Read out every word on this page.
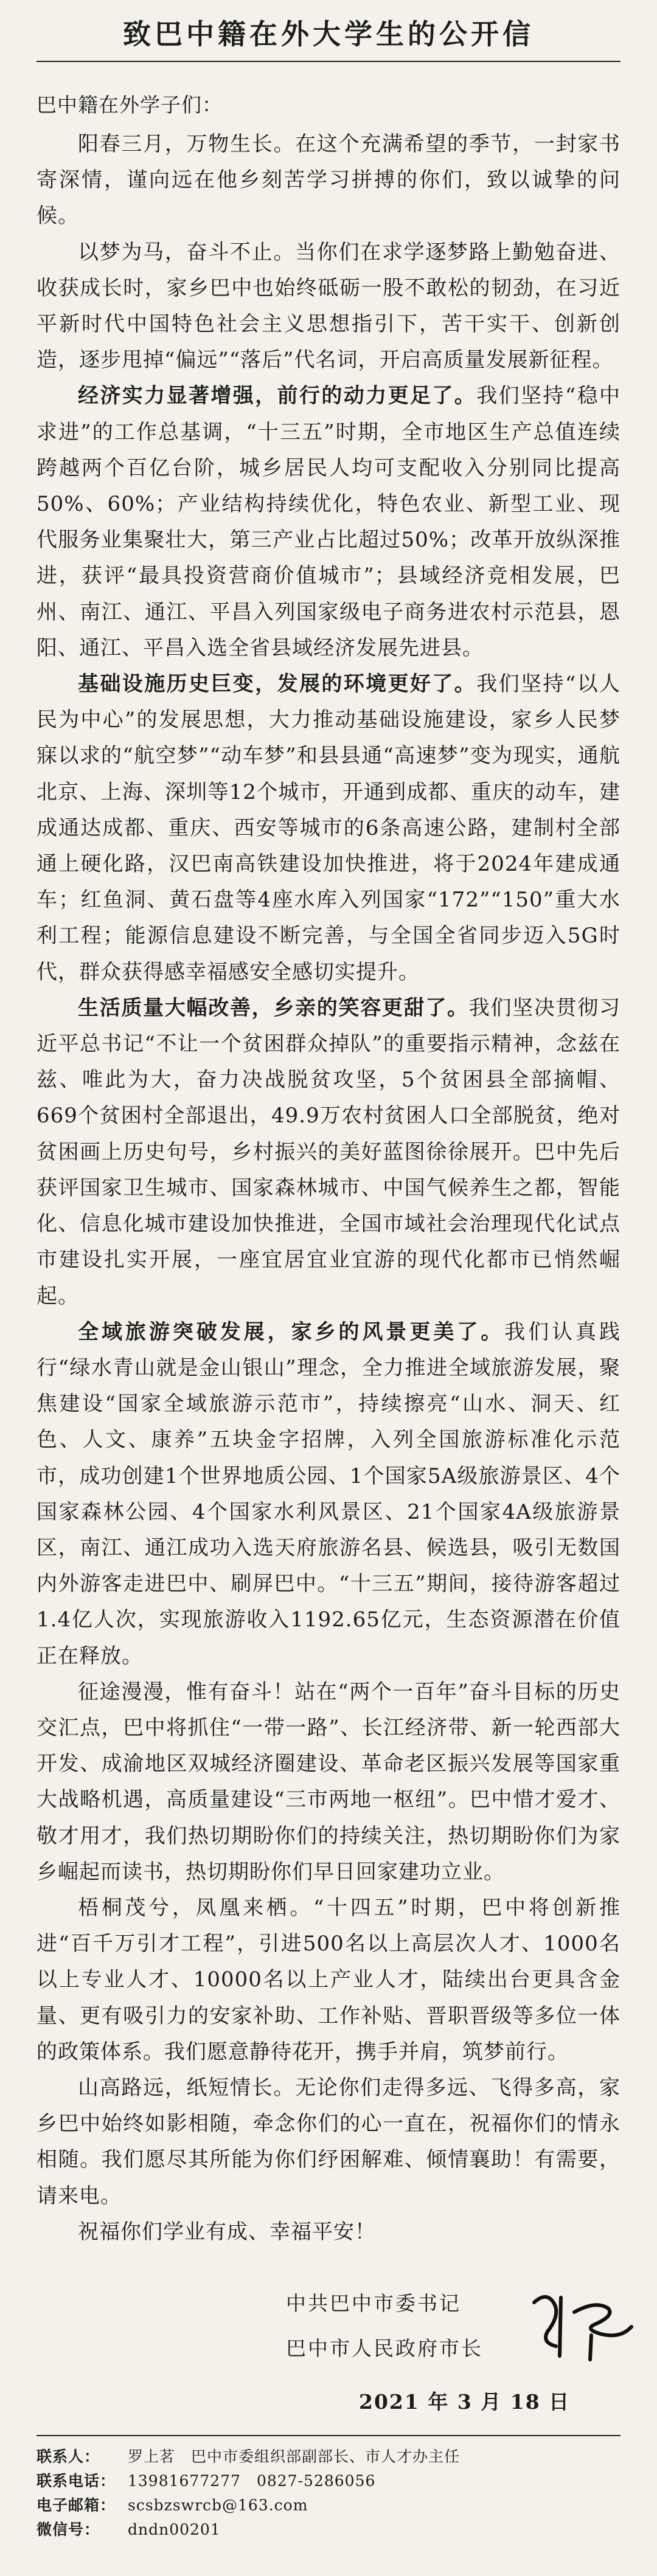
致巴中籍在外大学生的公开信
巴中籍在外学子们：

阳春三月，万物生长。在这个充满希望的季节，一封家书寄深情，谨向远在他乡刻苦学习拼搏的你们，致以诚挚的问候。

以梦为马，奋斗不止。当你们在求学逐梦路上勤勉奋进、收获成长时，家乡巴中也始终砥砺一股不敢松的韧劲，在习近平新时代中国特色社会主义思想指引下，苦干实干、创新创造，逐步甩掉“偏远”“落后”代名词，开启高质量发展新征程。

经济实力显著增强，前行的动力更足了。我们坚持“稳中求进”的工作总基调，“十三五”时期，全市地区生产总值连续跨越两个百亿台阶，城乡居民人均可支配收入分别同比提高50%、60%；产业结构持续优化，特色农业、新型工业、现代服务业集聚壮大，第三产业占比超过50%；改革开放纵深推进，获评“最具投资营商价值城市”；县域经济竞相发展，巴州、南江、通江、平昌入列国家级电子商务进农村示范县，恩阳、通江、平昌入选全省县域经济发展先进县。

基础设施历史巨变，发展的环境更好了。我们坚持“以人民为中心”的发展思想，大力推动基础设施建设，家乡人民梦寐以求的“航空梦”“动车梦”和县县通“高速梦”变为现实，通航北京、上海、深圳等12个城市，开通到成都、重庆的动车，建成通达成都、重庆、西安等城市的6条高速公路，建制村全部通上硬化路，汉巴南高铁建设加快推进，将于2024年建成通车；红鱼洞、黄石盘等4座水库入列国家“172”“150”重大水利工程；能源信息建设不断完善，与全国全省同步迈入5G时代，群众获得感幸福感安全感切实提升。

生活质量大幅改善，乡亲的笑容更甜了。我们坚决贯彻习近平总书记“不让一个贫困群众掉队”的重要指示精神，念兹在兹、唯此为大，奋力决战脱贫攻坚，5个贫困县全部摘帽、669个贫困村全部退出，49.9万农村贫困人口全部脱贫，绝对贫困画上历史句号，乡村振兴的美好蓝图徐徐展开。巴中先后获评国家卫生城市、国家森林城市、中国气候养生之都，智能化、信息化城市建设加快推进，全国市域社会治理现代化试点市建设扎实开展，一座宜居宜业宜游的现代化都市已悄然崛起。

全域旅游突破发展，家乡的风景更美了。我们认真践行“绿水青山就是金山银山”理念，全力推进全域旅游发展，聚焦建设“国家全域旅游示范市”，持续擦亮“山水、洞天、红色、人文、康养”五块金字招牌，入列全国旅游标准化示范市，成功创建1个世界地质公园、1个国家5A级旅游景区、4个国家森林公园、4个国家水利风景区、21个国家4A级旅游景区，南江、通江成功入选天府旅游名县、候选县，吸引无数国内外游客走进巴中、刷屏巴中。“十三五”期间，接待游客超过1.4亿人次，实现旅游收入1192.65亿元，生态资源潜在价值正在释放。

征途漫漫，惟有奋斗！站在“两个一百年”奋斗目标的历史交汇点，巴中将抓住“一带一路”、长江经济带、新一轮西部大开发、成渝地区双城经济圈建设、革命老区振兴发展等国家重大战略机遇，高质量建设“三市两地一枢纽”。巴中惜才爱才、敬才用才，我们热切期盼你们的持续关注，热切期盼你们为家乡崛起而读书，热切期盼你们早日回家建功立业。

梧桐茂兮，凤凰来栖。“十四五”时期，巴中将创新推进“百千万引才工程”，引进500名以上高层次人才、1000名以上专业人才、10000名以上产业人才，陆续出台更具含金量、更有吸引力的安家补助、工作补贴、晋职晋级等多位一体的政策体系。我们愿意静待花开，携手并肩，筑梦前行。

山高路远，纸短情长。无论你们走得多远、飞得多高，家乡巴中始终如影相随，牵念你们的心一直在，祝福你们的情永相随。我们愿尽其所能为你们纾困解难、倾情襄助！有需要，请来电。

祝福你们学业有成、幸福平安！

中共巴中市委书记
巴中市人民政府市长
2021 年 3 月 18 日
联系人： 罗上茗　巴中市委组织部副部长、市人才办主任
联系电话： 13981677277　0827-5286056
电子邮箱： scsbzswrcb@163.com
微信号： dndn00201
